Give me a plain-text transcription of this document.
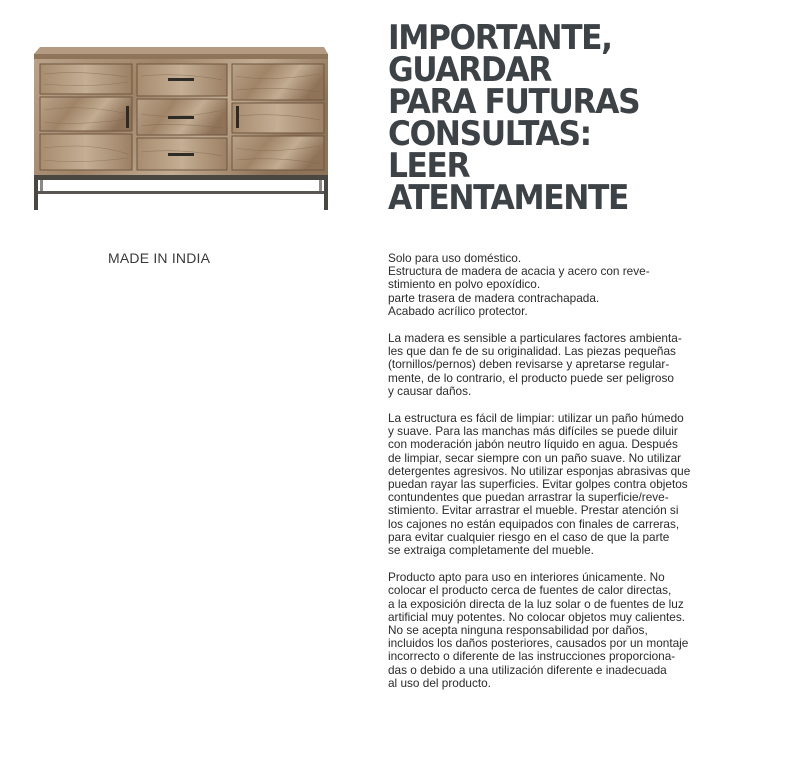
MADE IN INDIA
IMPORTANTE,
GUARDAR
PARA FUTURAS
CONSULTAS:
LEER
ATENTAMENTE

Solo para uso doméstico.
Estructura de madera de acacia y acero con reve-
stimiento en polvo epoxídico.
parte trasera de madera contrachapada.
Acabado acrílico protector.

La madera es sensible a particulares factores ambienta-
les que dan fe de su originalidad. Las piezas pequeñas
(tornillos/pernos) deben revisarse y apretarse regular-
mente, de lo contrario, el producto puede ser peligroso
y causar daños.

La estructura es fácil de limpiar: utilizar un paño húmedo
y suave. Para las manchas más difíciles se puede diluir
con moderación jabón neutro líquido en agua. Después
de limpiar, secar siempre con un paño suave. No utilizar
detergentes agresivos. No utilizar esponjas abrasivas que
puedan rayar las superficies. Evitar golpes contra objetos
contundentes que puedan arrastrar la superficie/reve-
stimiento. Evitar arrastrar el mueble. Prestar atención si
los cajones no están equipados con finales de carreras,
para evitar cualquier riesgo en el caso de que la parte
se extraiga completamente del mueble.

Producto apto para uso en interiores únicamente. No
colocar el producto cerca de fuentes de calor directas,
a la exposición directa de la luz solar o de fuentes de luz
artificial muy potentes. No colocar objetos muy calientes.
No se acepta ninguna responsabilidad por daños,
incluidos los daños posteriores, causados por un montaje
incorrecto o diferente de las instrucciones proporciona-
das o debido a una utilización diferente e inadecuada
al uso del producto.
